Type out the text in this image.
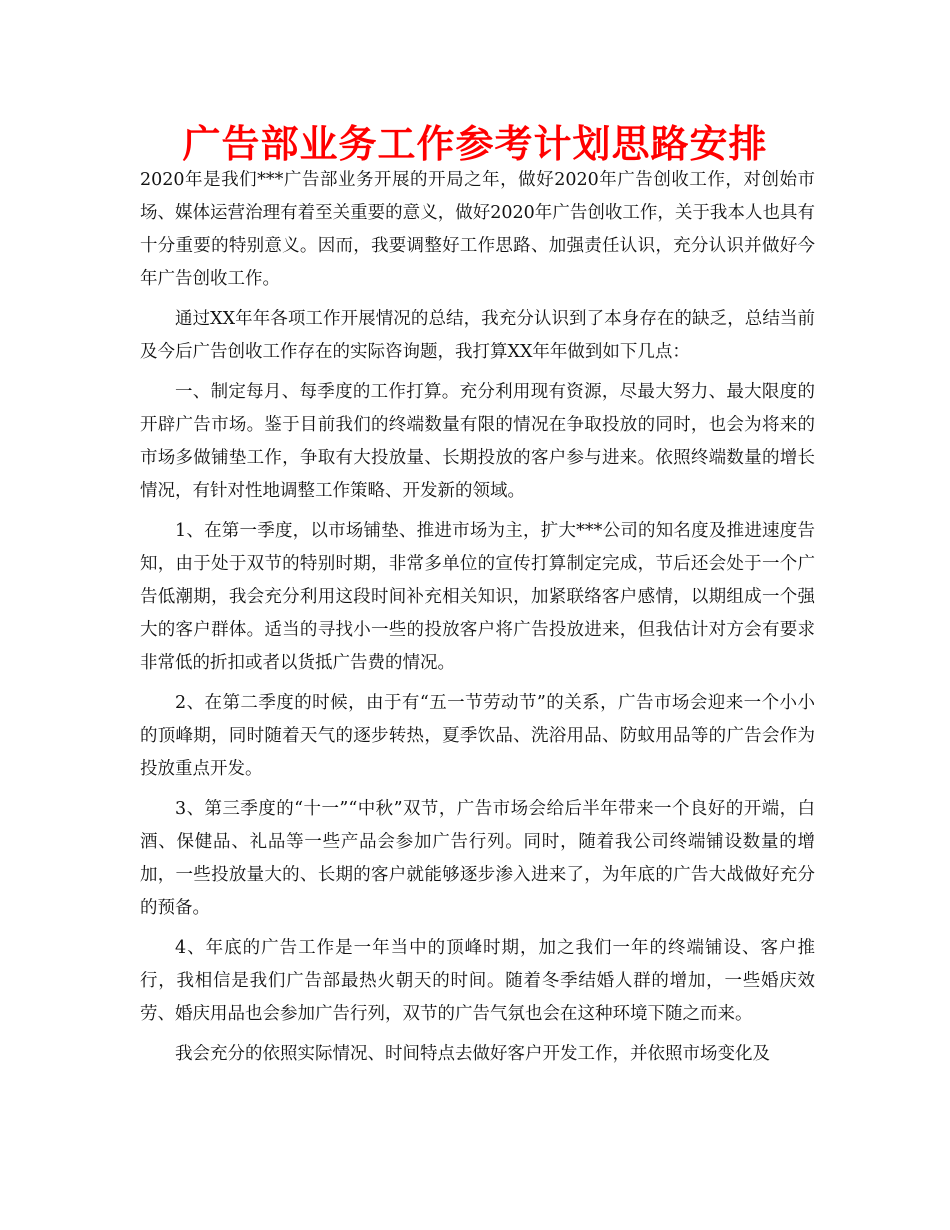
广告部业务工作参考计划思路安排

2020年是我们***广告部业务开展的开局之年，做好2020年广告创收工作，对创始市场、媒体运营治理有着至关重要的意义，做好2020年广告创收工作，关于我本人也具有十分重要的特别意义。因而，我要调整好工作思路、加强责任认识，充分认识并做好今年广告创收工作。

通过XX年年各项工作开展情况的总结，我充分认识到了本身存在的缺乏，总结当前及今后广告创收工作存在的实际咨询题，我打算XX年年做到如下几点：

一、制定每月、每季度的工作打算。充分利用现有资源，尽最大努力、最大限度的开辟广告市场。鉴于目前我们的终端数量有限的情况在争取投放的同时，也会为将来的市场多做铺垫工作，争取有大投放量、长期投放的客户参与进来。依照终端数量的增长情况，有针对性地调整工作策略、开发新的领域。

1、在第一季度，以市场铺垫、推进市场为主，扩大***公司的知名度及推进速度告知，由于处于双节的特别时期，非常多单位的宣传打算制定完成，节后还会处于一个广告低潮期，我会充分利用这段时间补充相关知识，加紧联络客户感情，以期组成一个强大的客户群体。适当的寻找小一些的投放客户将广告投放进来，但我估计对方会有要求非常低的折扣或者以货抵广告费的情况。

2、在第二季度的时候，由于有“五一节劳动节”的关系，广告市场会迎来一个小小的顶峰期，同时随着天气的逐步转热，夏季饮品、洗浴用品、防蚊用品等的广告会作为投放重点开发。

3、第三季度的“十一”“中秋”双节，广告市场会给后半年带来一个良好的开端，白酒、保健品、礼品等一些产品会参加广告行列。同时，随着我公司终端铺设数量的增加，一些投放量大的、长期的客户就能够逐步渗入进来了，为年底的广告大战做好充分的预备。

4、年底的广告工作是一年当中的顶峰时期，加之我们一年的终端铺设、客户推行，我相信是我们广告部最热火朝天的时间。随着冬季结婚人群的增加，一些婚庆效劳、婚庆用品也会参加广告行列，双节的广告气氛也会在这种环境下随之而来。

我会充分的依照实际情况、时间特点去做好客户开发工作，并依照市场变化及
